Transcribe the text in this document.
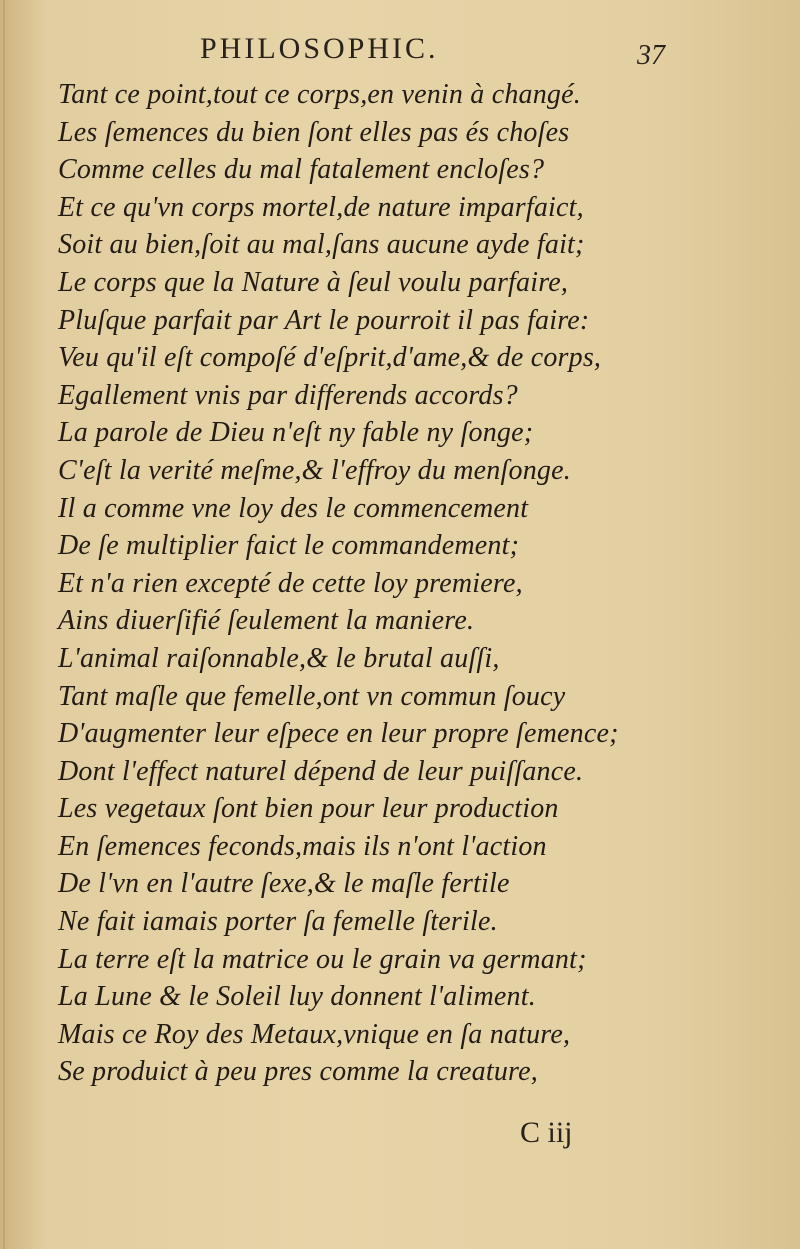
PHILOSOPHIC.	37
Tant ce point,tout ce corps,en venin à changé.
Les ſemences du bien ſont elles pas és choſes
Comme celles du mal fatalement encloſes?
Et ce qu'vn corps mortel,de nature imparfaict,
Soit au bien,ſoit au mal,ſans aucune ayde fait;
Le corps que la Nature à ſeul voulu parfaire,
Pluſque parfait par Art le pourroit il pas faire:
Veu qu'il eſt compoſé d'eſprit,d'ame,& de corps,
Egallement vnis par differends accords?
La parole de Dieu n'eſt ny fable ny ſonge;
C'eſt la verité meſme,& l'effroy du menſonge.
Il a comme vne loy des le commencement
De ſe multiplier faict le commandement;
Et n'a rien excepté de cette loy premiere,
Ains diuerſifié ſeulement la maniere.
L'animal raiſonnable,& le brutal auſſi,
Tant maſle que femelle,ont vn commun ſoucy
D'augmenter leur eſpece en leur propre ſemence;
Dont l'effect naturel dépend de leur puiſſance.
Les vegetaux ſont bien pour leur production
En ſemences feconds,mais ils n'ont l'action
De l'vn en l'autre ſexe,& le maſle fertile
Ne fait iamais porter ſa femelle ſterile.
La terre eſt la matrice ou le grain va germant;
La Lune & le Soleil luy donnent l'aliment.
Mais ce Roy des Metaux,vnique en ſa nature,
Se produict à peu pres comme la creature,
C iij
